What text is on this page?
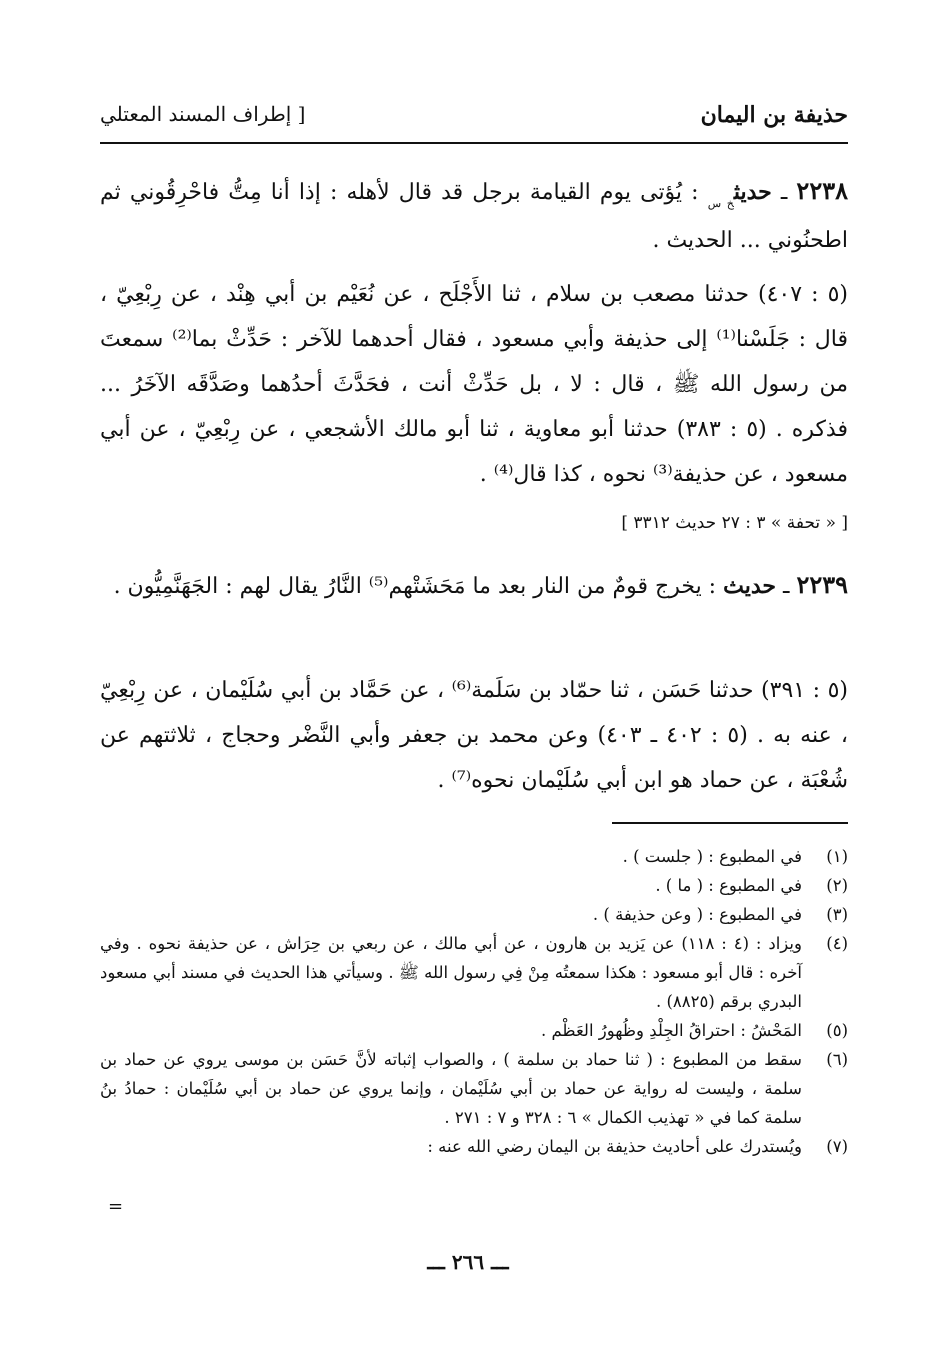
حذيفة بن اليمان
[ إطراف المسند المعتلي
٢٢٣٨ ـ حديث$_{خ س}$ : يُؤتى يوم القيامة برجل قد قال لأهله : إذا أنا مِتُّ فاحْرِقُوني ثم اطحنُوني ... الحديث .
(٥ : ٤٠٧) حدثنا مصعب بن سلام ، ثنا الأَجْلَح ، عن نُعَيْم بن أبي هِنْد ، عن رِبْعِيّ ، قال : جَلَسْنا⁽¹⁾ إلى حذيفة وأبي مسعود ، فقال أحدهما للآخر : حَدِّثْ بما⁽²⁾ سمعتَ من رسول الله ﷺ ، قال : لا ، بل حَدِّثْ أنت ، فحَدَّثَ أحدُهما وصَدَّقَه الآخَرُ ... فذكره . (٥ : ٣٨٣) حدثنا أبو معاوية ، ثنا أبو مالك الأشجعي ، عن رِبْعِيّ ، عن أبي مسعود ، عن حذيفة⁽³⁾ نحوه ، كذا قال⁽⁴⁾ .
[ « تحفة » ٣ : ٢٧ حديث ٣٣١٢ ]
٢٢٣٩ ـ حديث : يخرج قومٌ من النار بعد ما مَحَشَتْهم⁽⁵⁾ النَّارُ يقال لهم : الجَهَنَّمِيُّون .
(٥ : ٣٩١) حدثنا حَسَن ، ثنا حمّاد بن سَلَمة⁽⁶⁾ ، عن حَمَّاد بن أبي سُلَيْمان ، عن رِبْعِيّ ، عنه به . (٥ : ٤٠٢ ـ ٤٠٣) وعن محمد بن جعفر وأبي النَّضْر وحجاج ، ثلاثتهم عن شُعْبَة ، عن حماد هو ابن أبي سُلَيْمان نحوه⁽⁷⁾ .
(١)
في المطبوع : ( جلست ) .
(٢)
في المطبوع : ( ما ) .
(٣)
في المطبوع : ( وعن حذيفة ) .
(٤)
ويزاد : (٤ : ١١٨) عن يَزيد بن هارون ، عن أبي مالك ، عن ربعي بن حِرَاش ، عن حذيفة نحوه . وفي آخره : قال أبو مسعود : هكذا سمعتُه مِنْ فِي رسول الله ﷺ . وسيأتي هذا الحديث في مسند أبي مسعود البدري برقم (٨٨٢٥) .
(٥)
المَحْشُ : احتراقُ الجِلْدِ وظُهورُ العَظْم .
(٦)
سقط من المطبوع : ( ثنا حماد بن سلمة ) ، والصواب إثباته لأنَّ حَسَن بن موسى يروي عن حماد بن سلمة ، وليست له رواية عن حماد بن أبي سُلَيْمان ، وإنما يروي عن حماد بن أبي سُلَيْمان : حمادُ بنُ سلمة كما في « تهذيب الكمال » ٦ : ٣٢٨ و ٧ : ٢٧١ .
(٧)
ويُستدرك على أحاديث حذيفة بن اليمان رضي الله عنه :
=
ـــ ٢٦٦ ـــ
